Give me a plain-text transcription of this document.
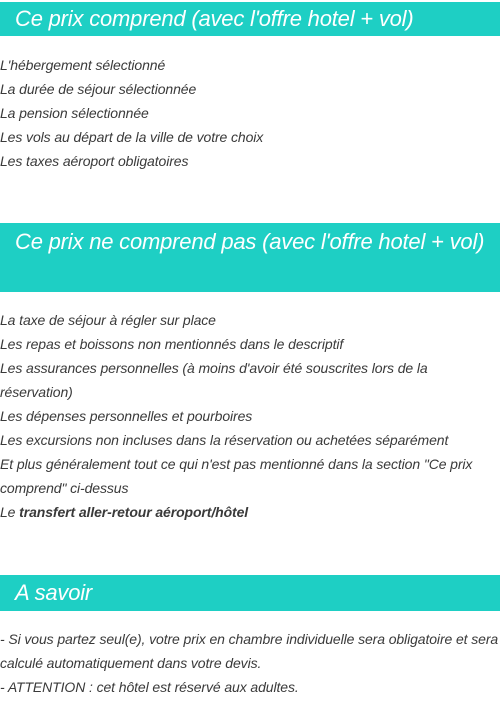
Ce prix comprend (avec l'offre hotel + vol)
L'hébergement sélectionné
La durée de séjour sélectionnée
La pension sélectionnée
Les vols au départ de la ville de votre choix
Les taxes aéroport obligatoires
Ce prix ne comprend pas (avec l'offre hotel + vol)
La taxe de séjour à régler sur place
Les repas et boissons non mentionnés dans le descriptif
Les assurances personnelles (à moins d'avoir été souscrites lors de la réservation)
Les dépenses personnelles et pourboires
Les excursions non incluses dans la réservation ou achetées séparément
Et plus généralement tout ce qui n'est pas mentionné dans la section "Ce prix comprend" ci-dessus
Le transfert aller-retour aéroport/hôtel
A savoir
- Si vous partez seul(e), votre prix en chambre individuelle sera obligatoire et sera calculé automatiquement dans votre devis.
- ATTENTION : cet hôtel est réservé aux adultes.
